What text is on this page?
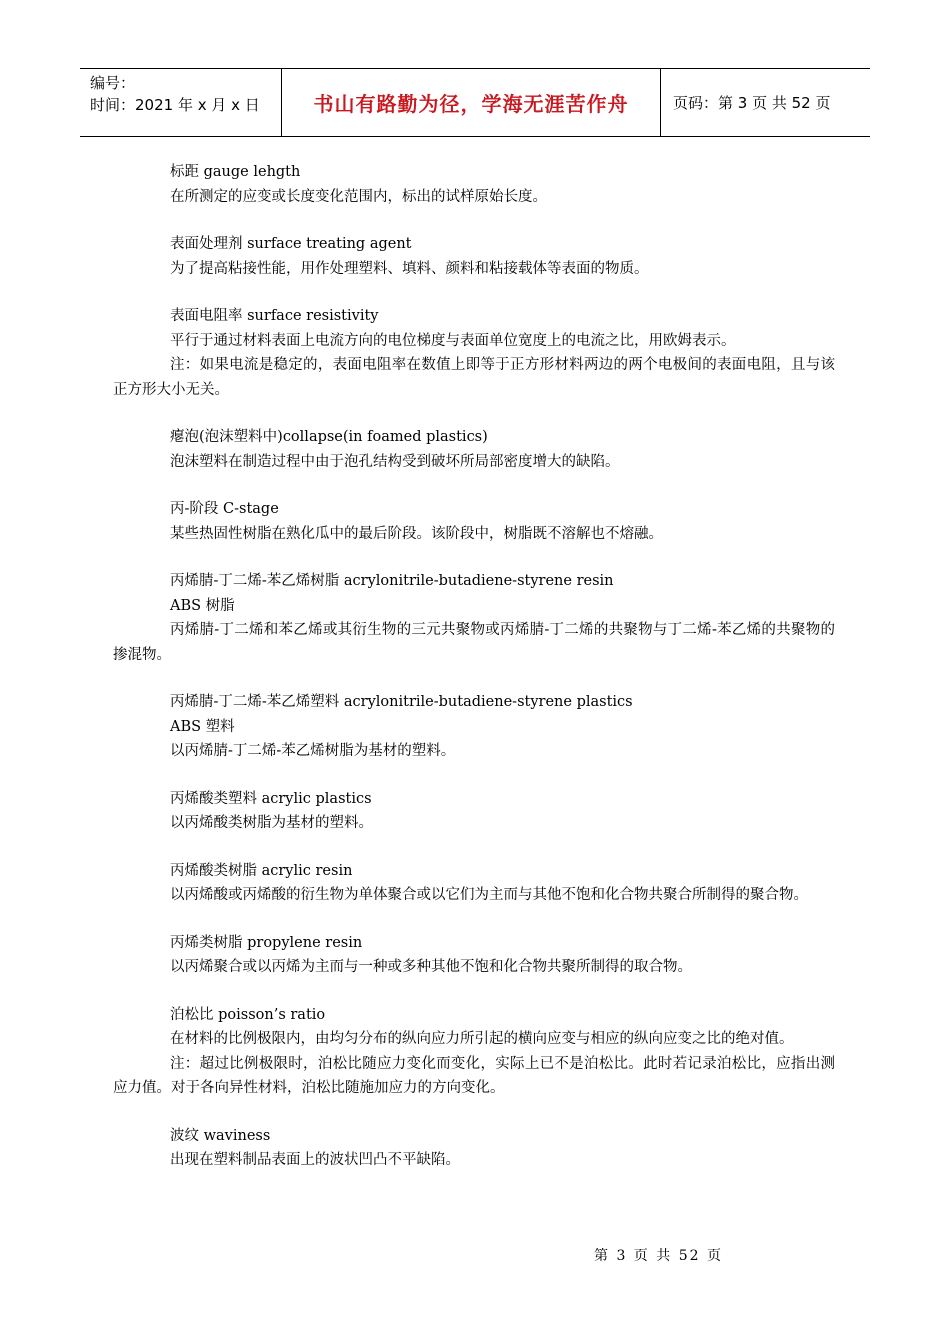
编号：
时间：2021 年 x 月 x 日	书山有路勤为径，学海无涯苦作舟	页码：第 3 页 共 52 页
标距 gauge lehgth
在所测定的应变或长度变化范围内，标出的试样原始长度。
表面处理剂 surface treating agent
为了提高粘接性能，用作处理塑料、填料、颜料和粘接载体等表面的物质。
表面电阻率 surface resistivity
平行于通过材料表面上电流方向的电位梯度与表面单位宽度上的电流之比，用欧姆表示。
注：如果电流是稳定的，表面电阻率在数值上即等于正方形材料两边的两个电极间的表面电阻，且与该正方形大小无关。
瘪泡(泡沫塑料中)collapse(in foamed plastics)
泡沫塑料在制造过程中由于泡孔结构受到破坏所局部密度增大的缺陷。
丙-阶段 C-stage
某些热固性树脂在熟化瓜中的最后阶段。该阶段中，树脂既不溶解也不熔融。
丙烯腈-丁二烯-苯乙烯树脂 acrylonitrile-butadiene-styrene resin
ABS 树脂
丙烯腈-丁二烯和苯乙烯或其衍生物的三元共聚物或丙烯腈-丁二烯的共聚物与丁二烯-苯乙烯的共聚物的掺混物。
丙烯腈-丁二烯-苯乙烯塑料 acrylonitrile-butadiene-styrene plastics
ABS 塑料
以丙烯腈-丁二烯-苯乙烯树脂为基材的塑料。
丙烯酸类塑料 acrylic plastics
以丙烯酸类树脂为基材的塑料。
丙烯酸类树脂 acrylic resin
以丙烯酸或丙烯酸的衍生物为单体聚合或以它们为主而与其他不饱和化合物共聚合所制得的聚合物。
丙烯类树脂 propylene resin
以丙烯聚合或以丙烯为主而与一种或多种其他不饱和化合物共聚所制得的取合物。
泊松比 poisson’s ratio
在材料的比例极限内，由均匀分布的纵向应力所引起的横向应变与相应的纵向应变之比的绝对值。
注：超过比例极限时，泊松比随应力变化而变化，实际上已不是泊松比。此时若记录泊松比，应指出测应力值。对于各向异性材料，泊松比随施加应力的方向变化。
波纹 waviness
出现在塑料制品表面上的波状凹凸不平缺陷。
第 3 页 共 52 页
